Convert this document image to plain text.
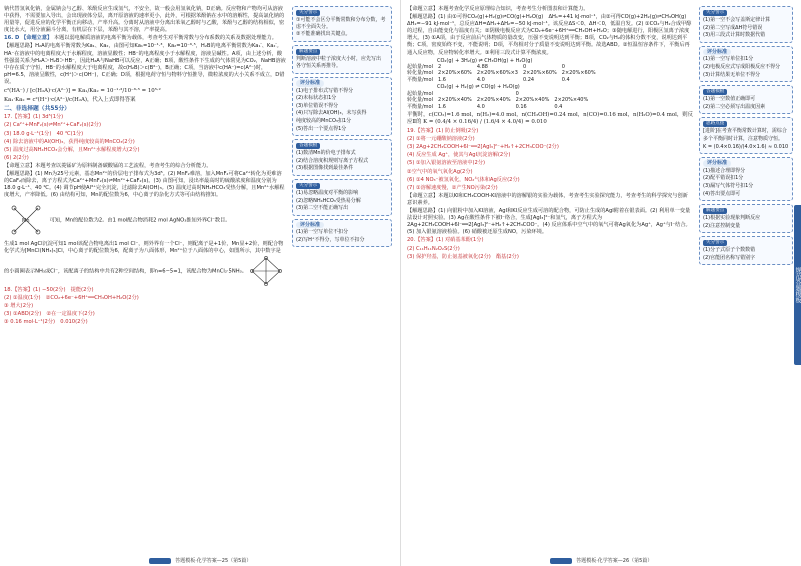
钠代替氢氧化钠，金属钠会与乙醇、苯酚反应生成氢气，不安全，故一般会用氢氧化钠，D正确。反应物和产物均可从溶液中获得，不需要加入导出，会出现液体分层，离开原溶液的速率更小，此外，可根据苯酚钠在水中的溶解性，提高氯化钠的用量等，促进反应的化学平衡正向移动，产率升高。分离时从溶液中分离出苯氧乙醇时与乙酸，苯酚与乙醇的结构相似，密度比水大，用分液漏斗分离，有机层在下层，苯酚与其不溶，产率提高。

16. D 【命题立意】 本题以弱电解质溶液的电离平衡为载体，考查考生对平衡常数与分布系数的关系及数据处理能力。

【解题思路】H₂A的电离平衡常数为Ka₁、Ka₂，由图可知Ka₁=10⁻¹·³、Ka₂=10⁻⁶·⁵，H₂B的电离平衡常数为Ka₁′、Ka₂′。HA⁻在溶液中的电离程度大于水解程度，溶液显酸性；HB⁻的电离程度小于水解程度，溶液呈碱性。A项，由上述分析，酸性强弱关系为H₂A＞H₂B＞HB⁻，因此H₂A与NaHB可以反应，A正确；B项，酸性条件下生成的气体常见为CO₂，NaHB溶液中存在质子守恒，HB⁻的水解程度大于电离程度，故c(H₂B)＞c(B²⁻)，B正确；C项，当溶液中c(HA⁻)=c(A²⁻)时，pH=6.5，溶液呈酸性，c(H⁺)＞c(OH⁻)，C正确；D项，根据电荷守恒与物料守恒推导，微粒浓度的大小关系不成立，D错误。

c²(HA⁻) / [c(H₂A)·c(A²⁻)] = Ka₁/Ka₂ = 10⁻¹·³/10⁻⁶·⁵ = 10⁵·²
Ka₁·Ka₂ = c²(H⁺)·c(A²⁻)/c(H₂A)，代入上式即得答案

二、非选择题（共55分）

17.【答案】(1) 3d⁵(1分)

(2) Ca²⁺+MnF₂(s)⇌Mn²⁺+CaF₂(s)(2分)

(3) 18.0 g·L⁻¹(1分)　40 ℃(1分)

(4) 除去溶液中的Al(OH)₃，获得纯度较高的MnCO₃(2分)

(5) 温度过高NH₄HCO₃会分解，且Mn²⁺水解程度增大(2分)

(6) 2(2分)

【命题立意】本题考查以菱锰矿为原料制备碳酸锰的工艺流程，考查考生的综合分析能力。

【解题思路】(1) Mn为25号元素，基态Mn²⁺的价层电子排布式为3d⁵。(2) MnF₂难溶，加入MnF₂可将Ca²⁺转化为更难溶的CaF₂而除去，离子方程式为Ca²⁺+MnF₂(s)⇌Mn²⁺+CaF₂(s)。(3) 由图可知，浸出率最高时的硫酸浓度和温度分别为18.0 g·L⁻¹、40 ℃。(4) 调节pH使Al³⁺完全沉淀，过滤除去Al(OH)₃。(5) 温度过高时NH₄HCO₃受热分解，且Mn²⁺水解程度增大，产率降低。(6) 由结构可知，Mn的配位数为6，中心离子的杂化方式等可由结构推知。

Mn	可知，Mn的配位数为2。由1 mol配合物消耗2 mol AgNO₃推知外界Cl⁻数目。

生成1 mol AgCl沉淀可知1 mol该配合物电离出1 mol Cl⁻，则外界有一个Cl⁻，则配离子是+1价，Mn显+2价，则配合物化学式为[MnCl(NH₃)₅]Cl，中心离子的配位数为6，配离子为八面体形，Mn²⁺位于八面体的中心，如图所示，其中数字是的小圆圈表示NH₃或Cl⁻，该配离子的结构中共有2种空间结构，即n=6−5=1，该配合物为MnCl₂·5NH₃。

18.【答案】(1) −50(2分)　提能(2分)

(2) ①温度(1分)　②CO₂+6e⁻+6H⁺══CH₃OH+H₂O(2分)

③ 增大(2分)

(3) ①ABD(2分)　②在一定温度下(2分)

③ 0.16 mol·L⁻¹(2分)　0.010(2分)

失分警示

①可能不会区分平衡常数和分布分数，考虑不全面失分。

②不能准确找出关键点。

解题要点

判断溶液中粒子浓度大小时，应先写出

各守恒关系再推导。

评分标准

(1)电子排布式写错不得分

(2)未标状态扣1分

(3)单位错误不得分

(4)只写除去Al(OH)₃，未写获得

纯度较高的MnCO₃扣1分

(5)答出一个要点得1分

答题模板

(1)数清Mn的价电子排布式

(2)结合溶度积规则写离子方程式

(3)根据图像找到最佳条件

失分警示

(1)易忽略温度对平衡的影响

(2)忽略NH₄HCO₃受热易分解

(3)第二空不能正确写出

评分标准

(1)第一空写单位不扣分

(2)写H⁺不得分，写单位不扣分

答题模板·化学答案—25（第5篇）

【命题立意】本题考查化学反应原理综合知识，考查考生分析图表和计算能力。

【解题思路】(1) 由①可得CO₂(g)+H₂(g)⇌CO(g)+H₂O(g)　ΔH₁=+41 kJ·mol⁻¹，由②可得CO(g)+2H₂(g)⇌CH₃OH(g)　ΔH₂=−91 kJ·mol⁻¹，总反应ΔH=ΔH₁+ΔH₂=−50 kJ·mol⁻¹。该反应ΔS＜0、ΔH＜0，低温自发。(2) ①CO₂与H₂合成甲醇的过程，自由能变化与温度有关；②阴极电极反应式为CO₂+6e⁻+6H⁺══CH₃OH+H₂O；③随电解进行，阳极区氢离子浓度增大。(3) ①A项，由于反应前后气体物质的量改变，压强不变说明达到平衡；B项，CO₂与H₂的体积分数不变，说明达到平衡；C项，密度始终不变，不能说明；D项，平均相对分子质量不变说明达到平衡。故选ABD。②恒温恒容条件下，平衡后再通入反应物，反应物转化率增大。③利用三段式计算平衡浓度。

　　　　　　CO₂(g) + 3H₂(g) ⇌ CH₃OH(g) + H₂O(g)
起始量/mol	2	4.88	0	0
转化量/mol	2×20%×60%	2×20%×60%×3	2×20%×60%	2×20%×60%
平衡量/mol	1.6	4.0	0.24	0.4
　　　　　　CO₂(g) + H₂(g) ⇌ CO(g) + H₂O(g)
起始量/mol			0	
转化量/mol	2×20%×40%	2×20%×40%	2×20%×40%	2×20%×40%
平衡量/mol	1.6	4.0	0.16	0.4

平衡时，c(CO₂)=1.6 mol，n(H₂)=4.0 mol，n(CH₃OH)=0.24 mol，n(CO)=0.16 mol，n(H₂O)=0.4 mol，则反应Ⅱ的 K = (0.4/4 × 0.16/4) / (1.6/4 × 4.0/4) = 0.010

19.【答案】(1) 防止倒吸(2分)

(2) ①将一元硼酸钠溶液(2分)

(3) 2Ag+2CH₃COOH+6I⁻══2[AgI₃]²⁻+H₂↑+2CH₃COO⁻(2分)

(4) 反应生成 Ag⁺，使其与AgI沉淀溶解(2分)

(5) ①加入银氨溶液至溶液中(2分)

②空气中的氧气氧化Ag(2分)

(6) ①4 NO₃⁻被氢氧化，NO₂气体和Ag反应(2分)

(7) ①溶解速度慢，②产生NO污染(2分)

【命题立意】本题以KI和CH₃COOH-KI溶液中的溶解银的实验为载体，考查考生实验探究能力，考查考生的科学探究与创新意识素养。

【解题思路】(1) 向银粉中加入KI溶液，AgI和KI反应生成可溶的配合物，可防止生成的AgI附着在银表面。(2) 利用单一变量法设计对照实验。(3) Ag在酸性条件下被I⁻络合，生成[AgI₃]²⁻和氢气，离子方程式为2Ag+2CH₃COOH+6I⁻══2[AgI₃]²⁻+H₂↑+2CH₃COO⁻。(4) 反应体系中空气中的氧气可将Ag氧化为Ag⁺，Ag⁺与I⁻结合。(5) 加入银氨溶液检验。(6) 硝酸被还原生成NO，污染环境。

20.【答案】(1) 对硝基苯酚(1分)

(2) C₁₁H₁₁N₂O₂S(2分)

(3) 保护羟基，防止氨基被氧化(2分)　酯基(2分)

失分警示

(1)第一空不会写盖斯定律计算

(2)第二空写成ΔH符号错误

(3)用三段式计算时数据代错

评分标准

(1)第一空写单位扣1分

(2)电极反应式写成阳极反应不得分

(3)计算结果无单位不得分

答题模板

(1)第一空数值正确即可

(2)第二空必须写出温度因素

思路点拨

[进阶]在考查平衡常数计算时，需综合

多个平衡同时计算，注意物质守恒。

K = (0.4×0.16)/(4.0×1.6) ≈ 0.010

评分标准

(1)描述合理即得分

(2)配平错误扣1分

(3)漏写气体符号扣1分

(4)答出要点即可

解题要点

(1)根据实验现象判断反应

(2)注意控制变量

失分警示

(1)分子式原子个数数错

(2)官能团名称写错别字

规范答题模板
答题模板·化学答案—26（第5篇）
